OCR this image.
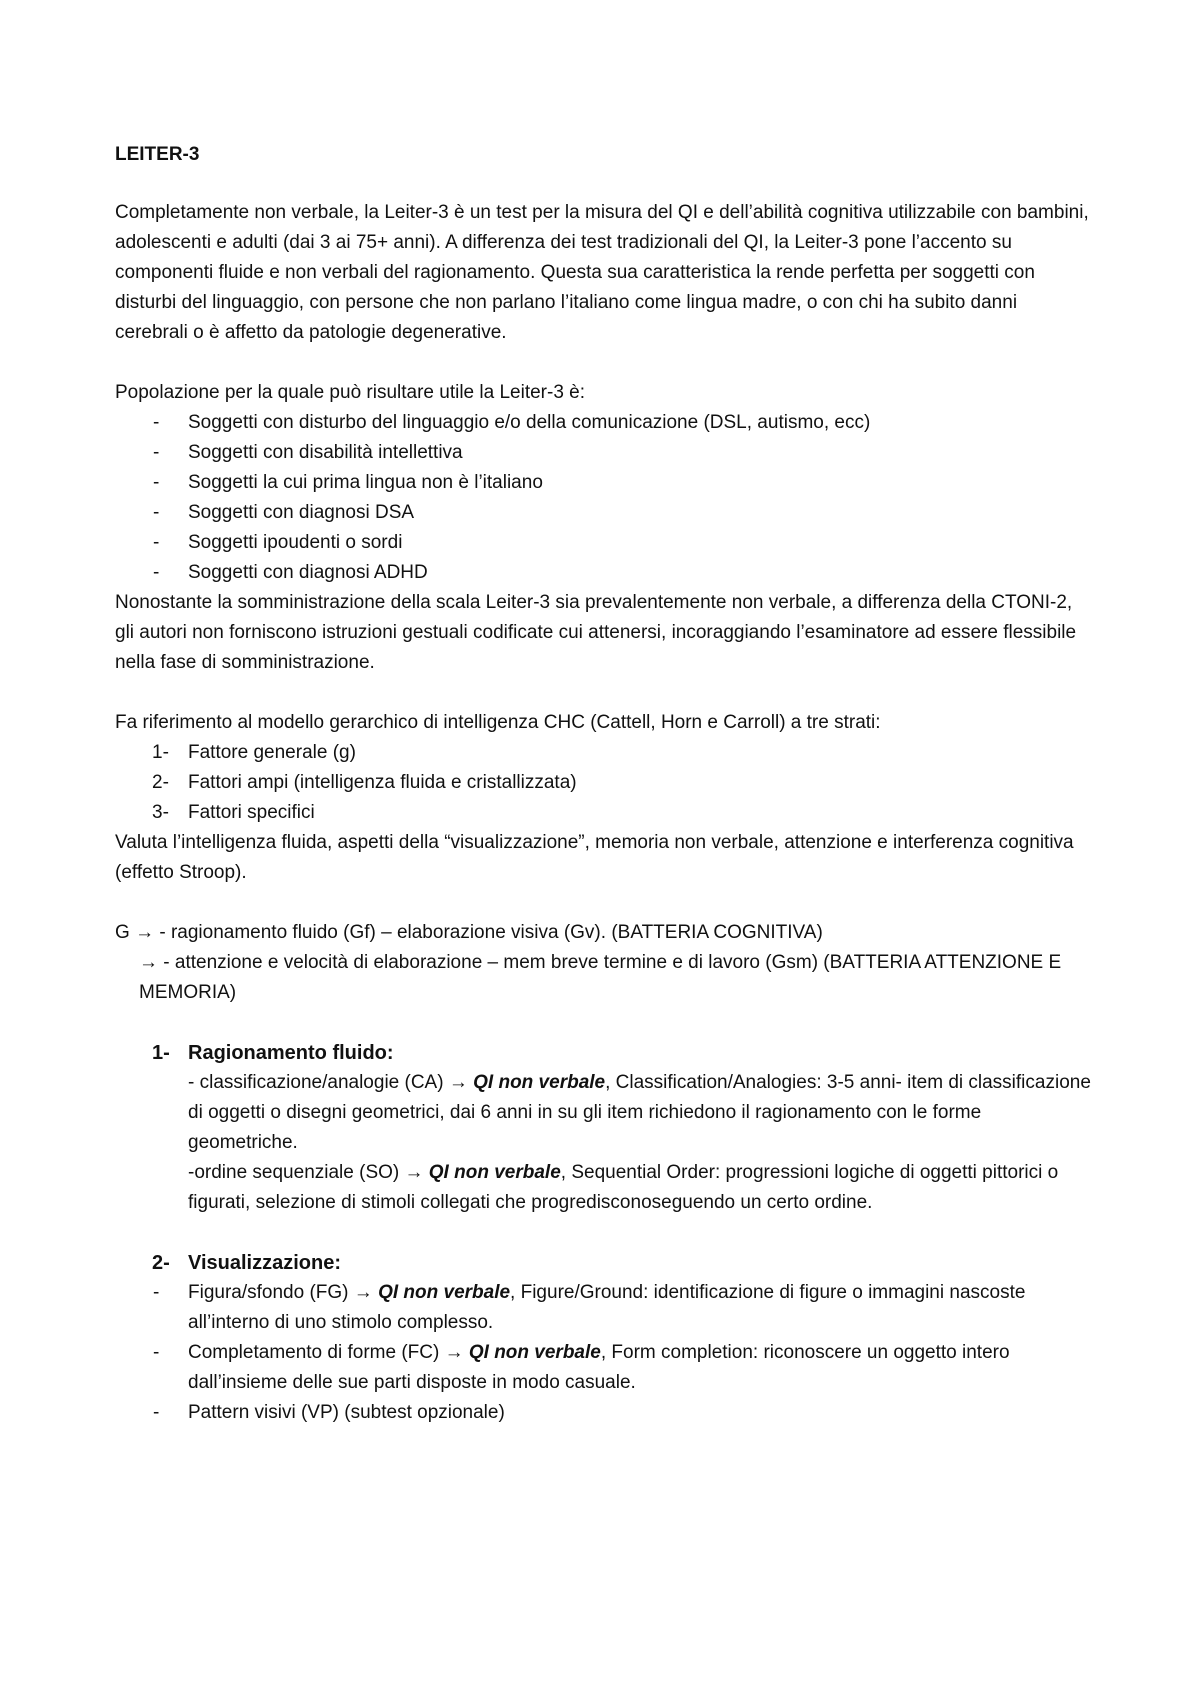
LEITER-3

Completamente non verbale, la Leiter-3 è un test per la misura del QI e dell’abilità cognitiva utilizzabile con bambini, adolescenti e adulti (dai 3 ai 75+ anni). A differenza dei test tradizionali del QI, la Leiter-3 pone l’accento su componenti fluide e non verbali del ragionamento. Questa sua caratteristica la rende perfetta per soggetti con disturbi del linguaggio, con persone che non parlano l’italiano come lingua madre, o con chi ha subito danni cerebrali o è affetto da patologie degenerative.

Popolazione per la quale può risultare utile la Leiter-3 è:
- Soggetti con disturbo del linguaggio e/o della comunicazione (DSL, autismo, ecc)
- Soggetti con disabilità intellettiva
- Soggetti la cui prima lingua non è l’italiano
- Soggetti con diagnosi DSA
- Soggetti ipoudenti o sordi
- Soggetti con diagnosi ADHD

Nonostante la somministrazione della scala Leiter-3 sia prevalentemente non verbale, a differenza della CTONI-2, gli autori non forniscono istruzioni gestuali codificate cui attenersi, incoraggiando l’esaminatore ad essere flessibile nella fase di somministrazione.

Fa riferimento al modello gerarchico di intelligenza CHC (Cattell, Horn e Carroll) a tre strati:
1- Fattore generale (g)
2- Fattori ampi (intelligenza fluida e cristallizzata)
3- Fattori specifici

Valuta l’intelligenza fluida, aspetti della “visualizzazione”, memoria non verbale, attenzione e interferenza cognitiva (effetto Stroop).

G → - ragionamento fluido (Gf) – elaborazione visiva (Gv). (BATTERIA COGNITIVA)
→ - attenzione e velocità di elaborazione – mem breve termine e di lavoro (Gsm) (BATTERIA ATTENZIONE E MEMORIA)
1- Ragionamento fluido:
- classificazione/analogie (CA) → QI non verbale, Classification/Analogies: 3-5 anni- item di classificazione di oggetti o disegni geometrici, dai 6 anni in su gli item richiedono il ragionamento con le forme geometriche.
-ordine sequenziale (SO) → QI non verbale, Sequential Order: progressioni logiche di oggetti pittorici o figurati, selezione di stimoli collegati che progredisconoseguendo un certo ordine.
2- Visualizzazione:
- Figura/sfondo (FG) → QI non verbale, Figure/Ground: identificazione di figure o immagini nascoste all’interno di uno stimolo complesso.
- Completamento di forme (FC) → QI non verbale, Form completion: riconoscere un oggetto intero dall’insieme delle sue parti disposte in modo casuale.
- Pattern visivi (VP) (subtest opzionale)
